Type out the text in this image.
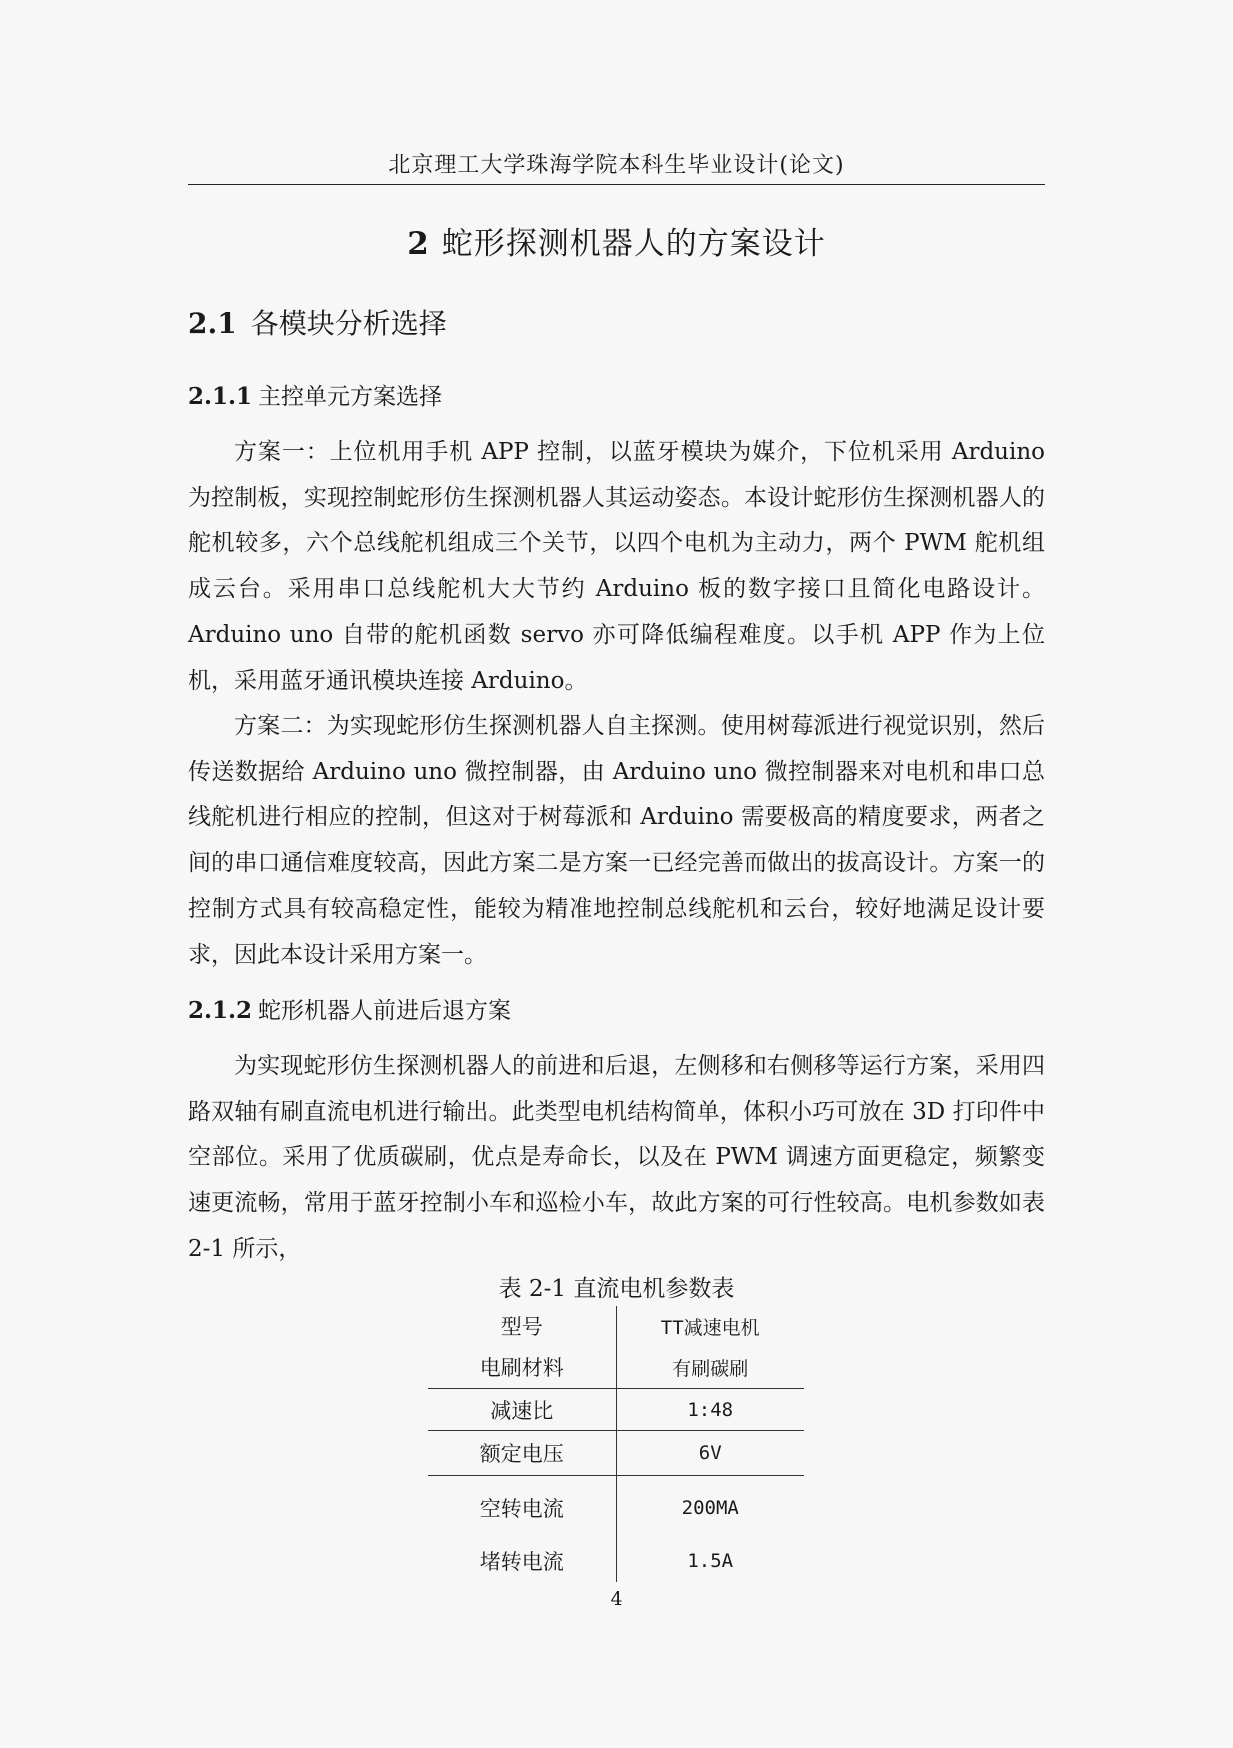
北京理工大学珠海学院本科生毕业设计(论文)
2 蛇形探测机器人的方案设计
2.1 各模块分析选择
2.1.1 主控单元方案选择

方案一：上位机用手机 APP 控制，以蓝牙模块为媒介，下位机采用 Arduino 为控制板，实现控制蛇形仿生探测机器人其运动姿态。本设计蛇形仿生探测机器人的舵机较多，六个总线舵机组成三个关节，以四个电机为主动力，两个 PWM 舵机组成云台。采用串口总线舵机大大节约 Arduino 板的数字接口且简化电路设计。Arduino uno 自带的舵机函数 servo 亦可降低编程难度。以手机 APP 作为上位机，采用蓝牙通讯模块连接 Arduino。

方案二：为实现蛇形仿生探测机器人自主探测。使用树莓派进行视觉识别，然后传送数据给 Arduino uno 微控制器，由 Arduino uno 微控制器来对电机和串口总线舵机进行相应的控制，但这对于树莓派和 Arduino 需要极高的精度要求，两者之间的串口通信难度较高，因此方案二是方案一已经完善而做出的拔高设计。方案一的控制方式具有较高稳定性，能较为精准地控制总线舵机和云台，较好地满足设计要求，因此本设计采用方案一。

2.1.2 蛇形机器人前进后退方案

为实现蛇形仿生探测机器人的前进和后退，左侧移和右侧移等运行方案，采用四路双轴有刷直流电机进行输出。此类型电机结构简单，体积小巧可放在 3D 打印件中空部位。采用了优质碳刷，优点是寿命长，以及在 PWM 调速方面更稳定，频繁变速更流畅，常用于蓝牙控制小车和巡检小车，故此方案的可行性较高。电机参数如表 2-1 所示，

表 2-1 直流电机参数表
型号	TT减速电机
电刷材料	有刷碳刷
减速比	1:48
额定电压	6V
空转电流	200MA
堵转电流	1.5A
4
